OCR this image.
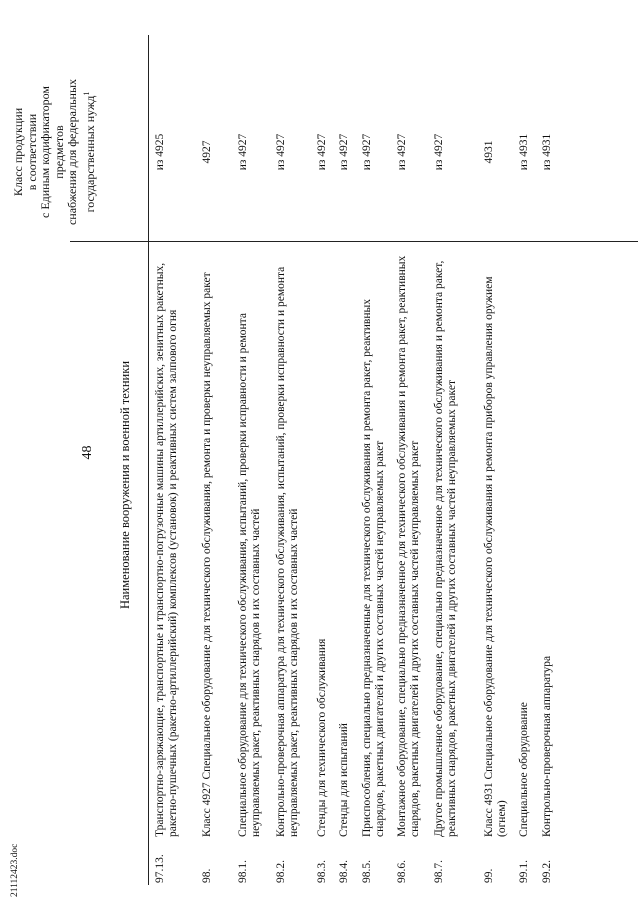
21112423.doc
48 Наименование вооружения и военной техники
Класс продукции в соответствии с Единым кодификатором предметов снабжения для федеральных государственных нужд$^1$
97.13.
Транспортно-заряжающие, транспортные и транспортно-погрузочные машины артиллерийских, зенитных ракетных, ракетно-пушечных (ракетно-артиллерийский) комплексов (установок) и реактивных систем залпового огня
из 4925
98.
Класс 4927 Специальное оборудование для технического обслуживания, ремонта и проверки неуправляемых ракет
4927
98.1.
Специальное оборудование для технического обслуживания, испытаний, проверки исправности и ремонта неуправляемых ракет, реактивных снарядов и их составных частей
из 4927
98.2.
Контрольно-проверочная аппаратура для технического обслуживания, испытаний, проверки исправности и ремонта неуправляемых ракет, реактивных снарядов и их составных частей
из 4927
98.3.
Стенды для технического обслуживания
из 4927
98.4.
Стенды для испытаний
из 4927
98.5.
Приспособления, специально предназначенные для технического обслуживания и ремонта ракет, реактивных снарядов, ракетных двигателей и других составных частей неуправляемых ракет
из 4927
98.6.
Монтажное оборудование, специально предназначенное для технического обслуживания и ремонта ракет, реактивных снарядов, ракетных двигателей и других составных частей неуправляемых ракет
из 4927
98.7.
Другое промышленное оборудование, специально предназначенное для технического обслуживания и ремонта ракет, реактивных снарядов, ракетных двигателей и других составных частей неуправляемых ракет
из 4927
99.
Класс 4931 Специальное оборудование для технического обслуживания и ремонта приборов управления оружием (огнем)
4931
99.1.
Специальное оборудование
из 4931
99.2.
Контрольно-проверочная аппаратура
из 4931
